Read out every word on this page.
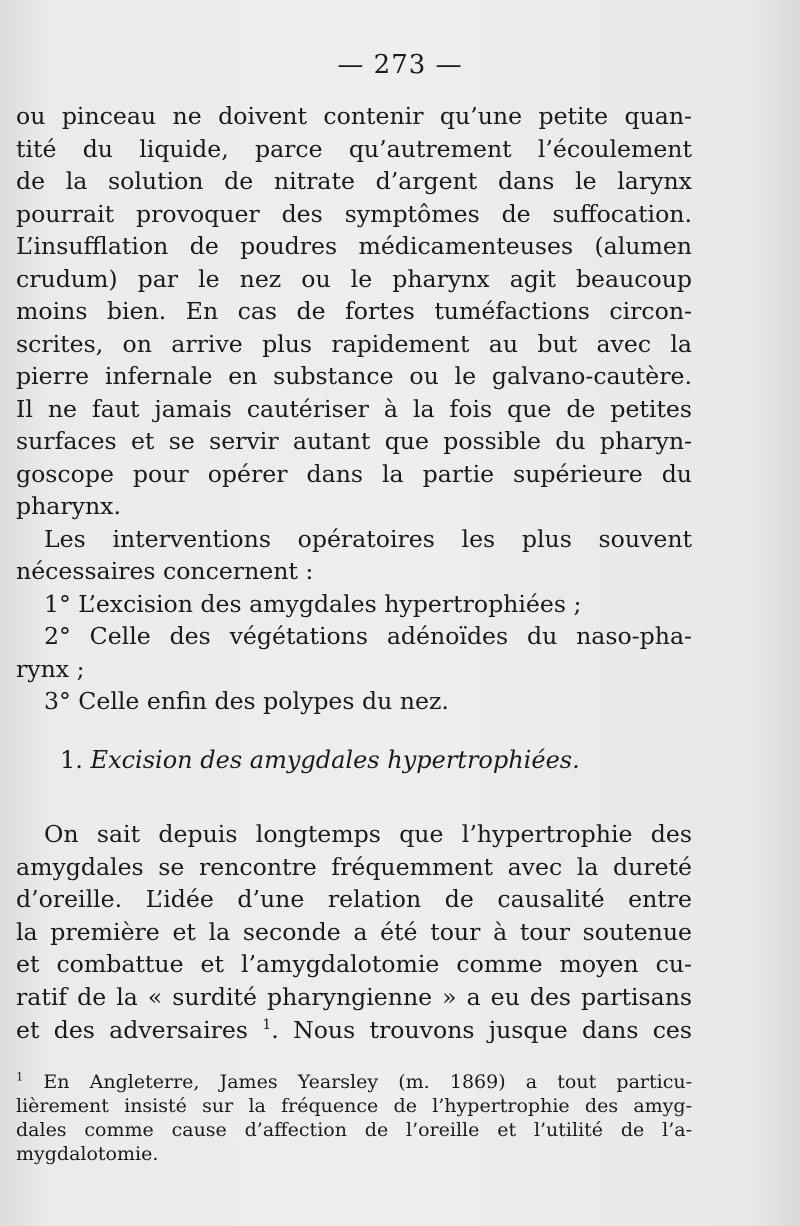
— 273 —
ou pinceau ne doivent contenir qu’une petite quan-
tité du liquide, parce qu’autrement l’écoulement
de la solution de nitrate d’argent dans le larynx
pourrait provoquer des symptômes de suffocation.
L’insufflation de poudres médicamenteuses (alumen
crudum) par le nez ou le pharynx agit beaucoup
moins bien. En cas de fortes tuméfactions circon-
scrites, on arrive plus rapidement au but avec la
pierre infernale en substance ou le galvano-cautère.
Il ne faut jamais cautériser à la fois que de petites
surfaces et se servir autant que possible du pharyn-
goscope pour opérer dans la partie supérieure du
pharynx.
Les interventions opératoires les plus souvent
nécessaires concernent :
1° L’excision des amygdales hypertrophiées ;
2° Celle des végétations adénoïdes du naso-pha-
rynx ;
3° Celle enfin des polypes du nez.
1. Excision des amygdales hypertrophiées.
On sait depuis longtemps que l’hypertrophie des
amygdales se rencontre fréquemment avec la dureté
d’oreille. L’idée d’une relation de causalité entre
la première et la seconde a été tour à tour soutenue
et combattue et l’amygdalotomie comme moyen cu-
ratif de la « surdité pharyngienne » a eu des partisans
et des adversaires $^1$. Nous trouvons jusque dans ces
$^1$ En Angleterre, James Yearsley (m. 1869) a tout particu-
lièrement insisté sur la fréquence de l’hypertrophie des amyg-
dales comme cause d’affection de l’oreille et l’utilité de l’a-
mygdalotomie.
